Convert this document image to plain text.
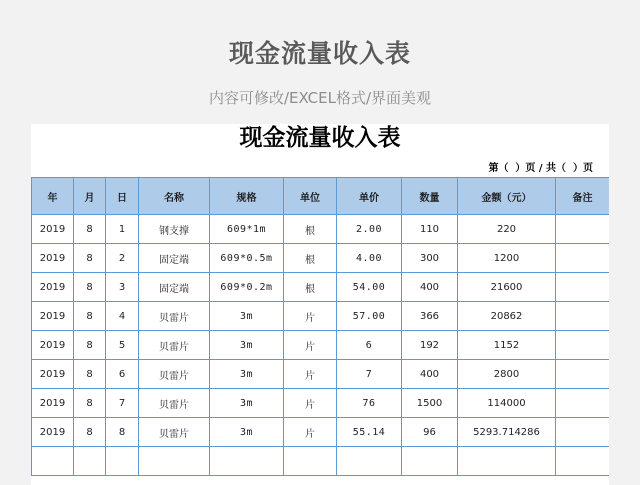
现金流量收入表
内容可修改/EXCEL格式/界面美观
现金流量收入表
第（  ）页 / 共（  ）页
年	月	日	名称	规格	单位	单价	数量	金额（元）	备注
2019	8	1	钢支撑	609*1m	根	2.00	110	220	
2019	8	2	固定端	609*0.5m	根	4.00	300	1200	
2019	8	3	固定端	609*0.2m	根	54.00	400	21600	
2019	8	4	贝雷片	3m	片	57.00	366	20862	
2019	8	5	贝雷片	3m	片	6	192	1152	
2019	8	6	贝雷片	3m	片	7	400	2800	
2019	8	7	贝雷片	3m	片	76	1500	114000	
2019	8	8	贝雷片	3m	片	55.14	96	5293.714286	
